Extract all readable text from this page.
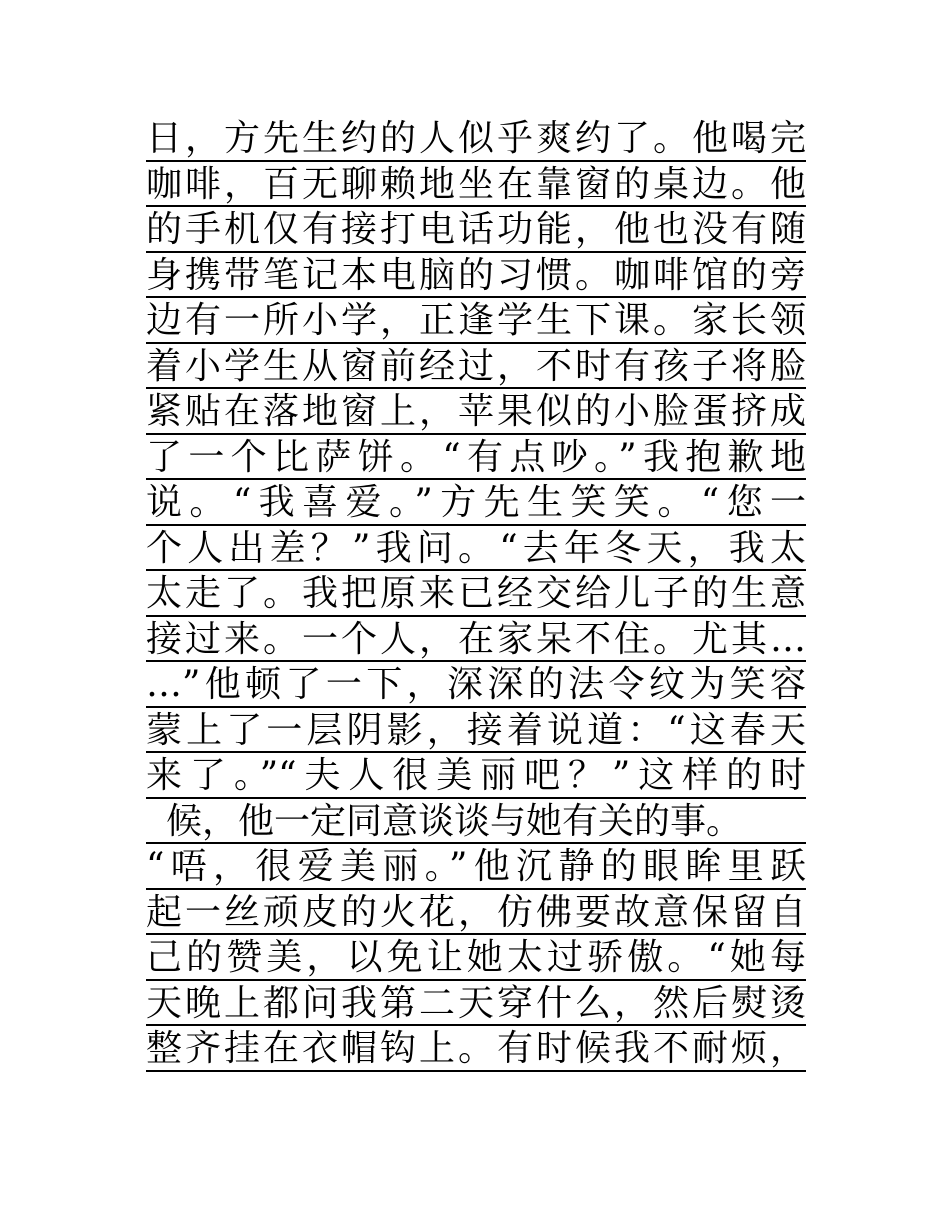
日，方先生约的人似乎爽约了。他喝完
咖啡，百无聊赖地坐在靠窗的桌边。他
的手机仅有接打电话功能，他也没有随
身携带笔记本电脑的习惯。咖啡馆的旁
边有一所小学，正逢学生下课。家长领
着小学生从窗前经过，不时有孩子将脸
紧贴在落地窗上，苹果似的小脸蛋挤成
了一个比萨饼。“有点吵。”我抱歉地
说。“我喜爱。”方先生笑笑。“您一
个人出差？”我问。“去年冬天，我太
太走了。我把原来已经交给儿子的生意
接过来。一个人，在家呆不住。尤其…
…”他顿了一下，深深的法令纹为笑容
蒙上了一层阴影，接着说道：“这春天
来了。”“夫人很美丽吧？”这样的时
候，他一定同意谈谈与她有关的事。
“唔，很爱美丽。”他沉静的眼眸里跃
起一丝顽皮的火花，仿佛要故意保留自
己的赞美，以免让她太过骄傲。“她每
天晚上都问我第二天穿什么，然后熨烫
整齐挂在衣帽钩上。有时候我不耐烦，
